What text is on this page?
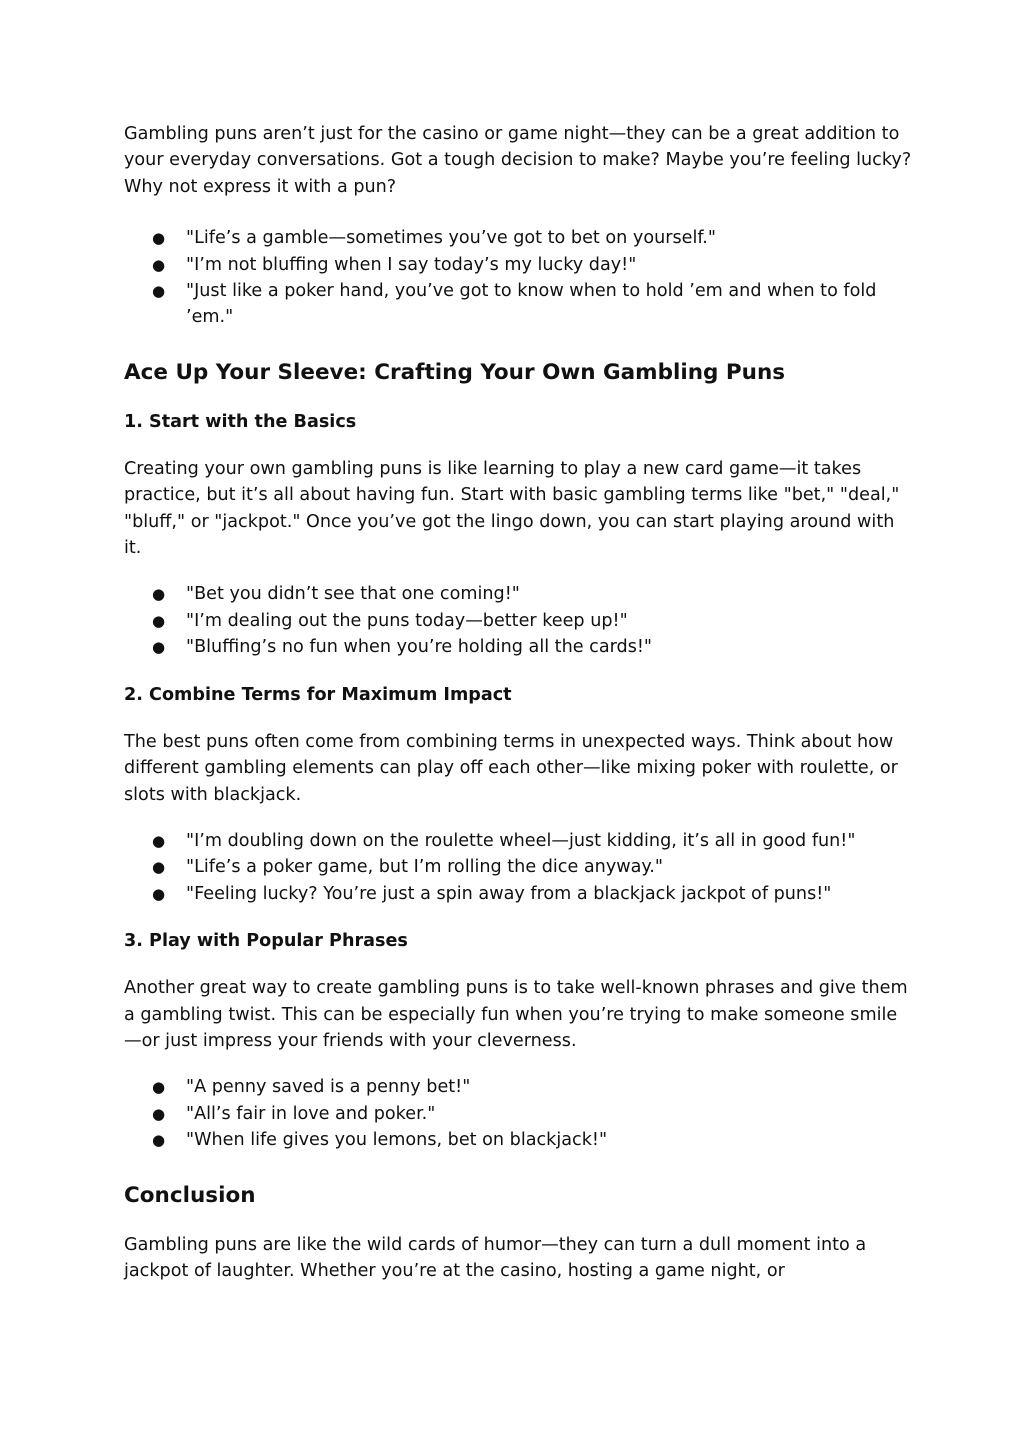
Gambling puns aren’t just for the casino or game night—they can be a great addition to your everyday conversations. Got a tough decision to make? Maybe you’re feeling lucky? Why not express it with a pun?

● "Life’s a gamble—sometimes you’ve got to bet on yourself."
● "I’m not bluffing when I say today’s my lucky day!"
● "Just like a poker hand, you’ve got to know when to hold ’em and when to fold ’em."
Ace Up Your Sleeve: Crafting Your Own Gambling Puns
1. Start with the Basics

Creating your own gambling puns is like learning to play a new card game—it takes practice, but it’s all about having fun. Start with basic gambling terms like "bet," "deal," "bluff," or "jackpot." Once you’ve got the lingo down, you can start playing around with it.

● "Bet you didn’t see that one coming!"
● "I’m dealing out the puns today—better keep up!"
● "Bluffing’s no fun when you’re holding all the cards!"
2. Combine Terms for Maximum Impact

The best puns often come from combining terms in unexpected ways. Think about how different gambling elements can play off each other—like mixing poker with roulette, or slots with blackjack.

● "I’m doubling down on the roulette wheel—just kidding, it’s all in good fun!"
● "Life’s a poker game, but I’m rolling the dice anyway."
● "Feeling lucky? You’re just a spin away from a blackjack jackpot of puns!"
3. Play with Popular Phrases

Another great way to create gambling puns is to take well-known phrases and give them a gambling twist. This can be especially fun when you’re trying to make someone smile—or just impress your friends with your cleverness.

● "A penny saved is a penny bet!"
● "All’s fair in love and poker."
● "When life gives you lemons, bet on blackjack!"
Conclusion

Gambling puns are like the wild cards of humor—they can turn a dull moment into a jackpot of laughter. Whether you’re at the casino, hosting a game night, or
